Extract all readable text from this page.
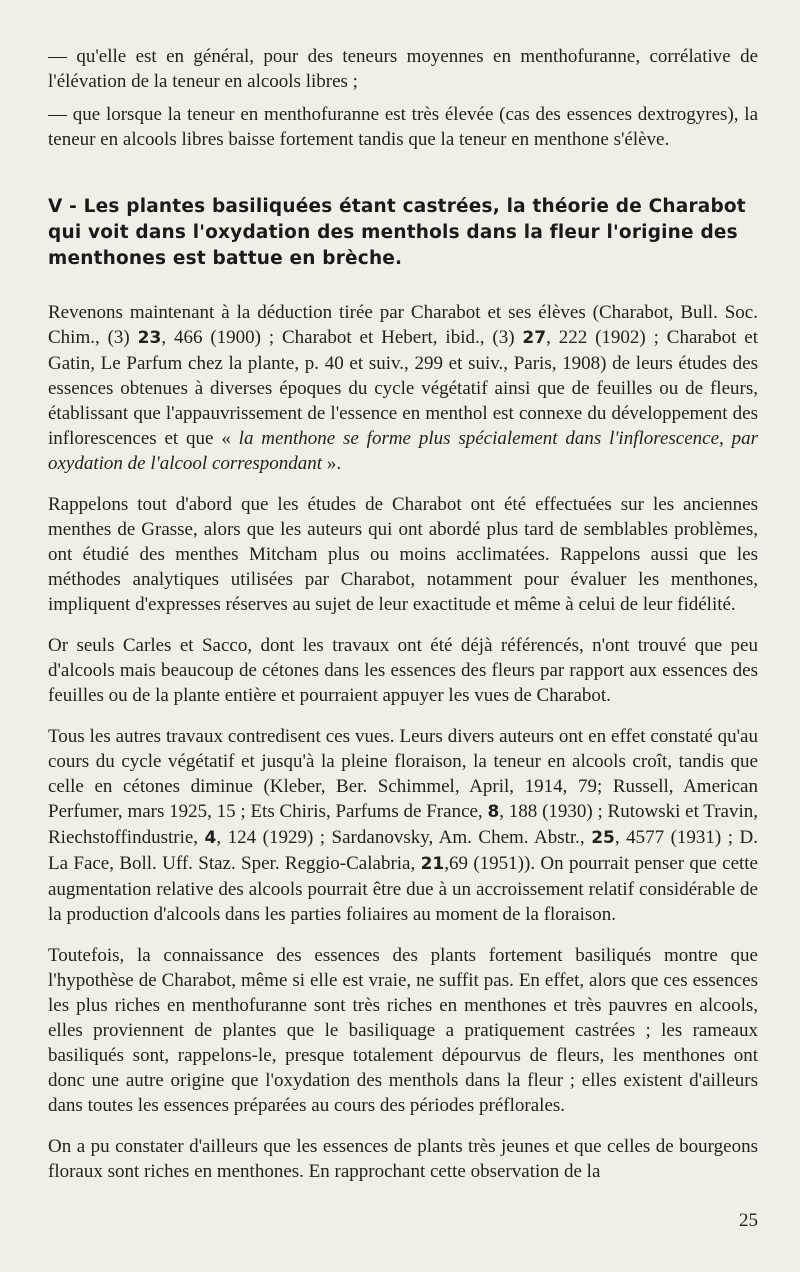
— qu'elle est en général, pour des teneurs moyennes en menthofuranne, corrélative de l'élévation de la teneur en alcools libres ;

— que lorsque la teneur en menthofuranne est très élevée (cas des essences dextrogyres), la teneur en alcools libres baisse fortement tandis que la teneur en menthone s'élève.

V - Les plantes basiliquées étant castrées, la théorie de Charabot qui voit dans l'oxydation des menthols dans la fleur l'origine des menthones est battue en brèche.

Revenons maintenant à la déduction tirée par Charabot et ses élèves (Charabot, Bull. Soc. Chim., (3) 23, 466 (1900) ; Charabot et Hebert, ibid., (3) 27, 222 (1902) ; Charabot et Gatin, Le Parfum chez la plante, p. 40 et suiv., 299 et suiv., Paris, 1908) de leurs études des essences obtenues à diverses époques du cycle végétatif ainsi que de feuilles ou de fleurs, établissant que l'appauvrissement de l'essence en menthol est connexe du développement des inflorescences et que « la menthone se forme plus spécialement dans l'inflorescence, par oxydation de l'alcool correspondant ».

Rappelons tout d'abord que les études de Charabot ont été effectuées sur les anciennes menthes de Grasse, alors que les auteurs qui ont abordé plus tard de semblables problèmes, ont étudié des menthes Mitcham plus ou moins acclimatées. Rappelons aussi que les méthodes analytiques utilisées par Charabot, notamment pour évaluer les menthones, impliquent d'expresses réserves au sujet de leur exactitude et même à celui de leur fidélité.

Or seuls Carles et Sacco, dont les travaux ont été déjà référencés, n'ont trouvé que peu d'alcools mais beaucoup de cétones dans les essences des fleurs par rapport aux essences des feuilles ou de la plante entière et pourraient appuyer les vues de Charabot.

Tous les autres travaux contredisent ces vues. Leurs divers auteurs ont en effet constaté qu'au cours du cycle végétatif et jusqu'à la pleine floraison, la teneur en alcools croît, tandis que celle en cétones diminue (Kleber, Ber. Schimmel, April, 1914, 79; Russell, American Perfumer, mars 1925, 15 ; Ets Chiris, Parfums de France, 8, 188 (1930) ; Rutowski et Travin, Riechstoffindustrie, 4, 124 (1929) ; Sardanovsky, Am. Chem. Abstr., 25, 4577 (1931) ; D. La Face, Boll. Uff. Staz. Sper. Reggio-Calabria, 21,69 (1951)). On pourrait penser que cette augmentation relative des alcools pourrait être due à un accroissement relatif considérable de la production d'alcools dans les parties foliaires au moment de la floraison.

Toutefois, la connaissance des essences des plants fortement basiliqués montre que l'hypothèse de Charabot, même si elle est vraie, ne suffit pas. En effet, alors que ces essences les plus riches en menthofuranne sont très riches en menthones et très pauvres en alcools, elles proviennent de plantes que le basiliquage a pratiquement castrées ; les rameaux basiliqués sont, rappelons-le, presque totalement dépourvus de fleurs, les menthones ont donc une autre origine que l'oxydation des menthols dans la fleur ; elles existent d'ailleurs dans toutes les essences préparées au cours des périodes préflorales.

On a pu constater d'ailleurs que les essences de plants très jeunes et que celles de bourgeons floraux sont riches en menthones. En rapprochant cette observation de la

25
